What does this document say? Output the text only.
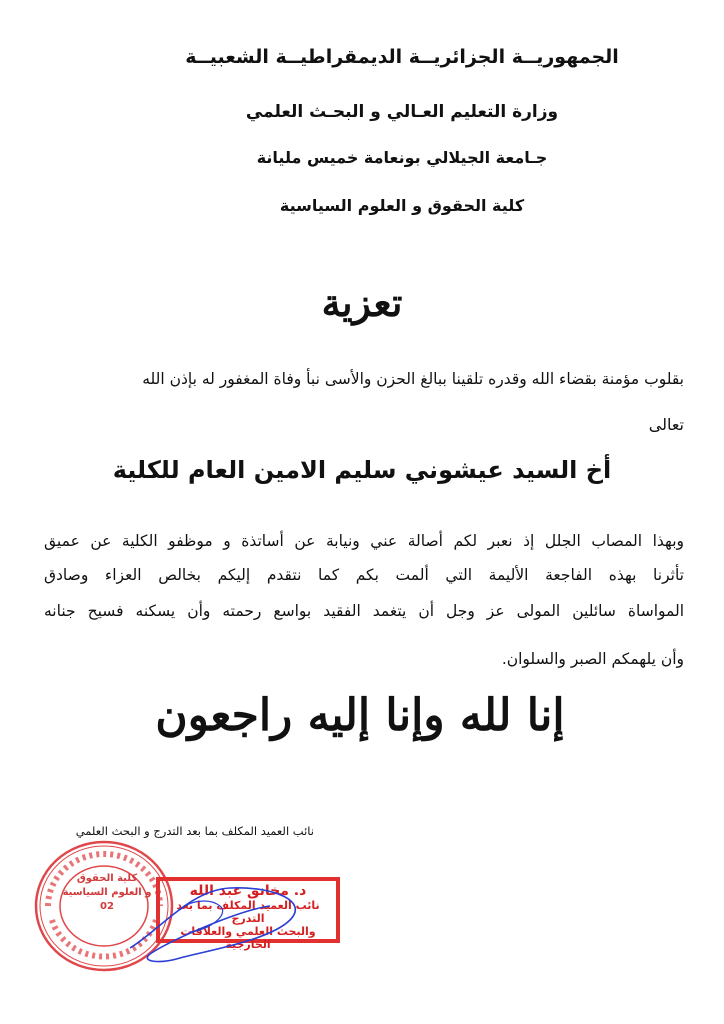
الجمهوريــة الجزائريــة الديمقراطيــة الشعبيــة
وزارة التعليم العـالي و البحـث العلمي
جـامعة الجيلالي بونعامة خميس مليانة
كلية الحقوق و العلوم السياسية
تعزية
بقلوب مؤمنة بقضاء الله وقدره تلقينا ببالغ الحزن والأسى نبأ وفاة المغفور له بإذن الله
تعالى
أخ السيد عيشوني سليم الامين العام للكلية
وبهذا المصاب الجلل إذ نعبر لكم أصالة عني ونيابة عن أساتذة و موظفو الكلية عن عميق
تأثرنا بهذه الفاجعة الأليمة التي ألمت بكم كما نتقدم إليكم بخالص العزاء وصادق
المواساة سائلين المولى عز وجل أن يتغمد الفقيد بواسع رحمته وأن يسكنه فسيح جنانه
وأن يلهمكم الصبر والسلوان.
إنا لله وإنا إليه راجعون
نائب العميد المكلف بما بعد التدرج و البحث العلمي
كلية الحقوق
و العلوم السياسية
02
د. مخانق عبد الله
نائب العميد المكلف بما بعد التدرج
والبحث العلمي والعلاقات الخارجية
